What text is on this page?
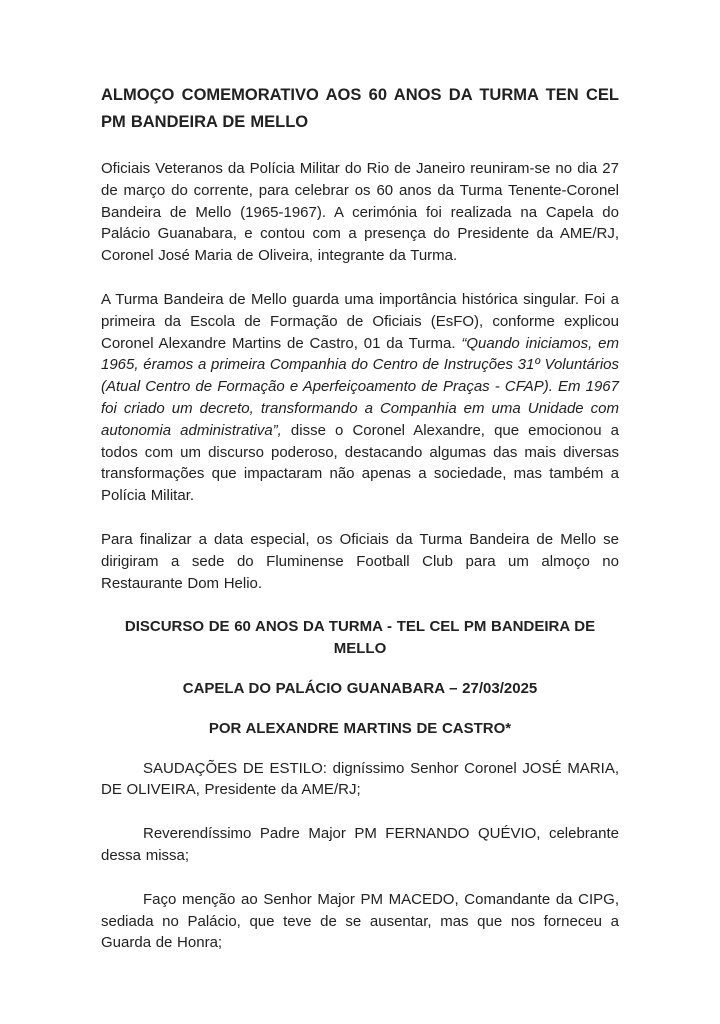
ALMOÇO COMEMORATIVO AOS 60 ANOS DA TURMA TEN CEL PM BANDEIRA DE MELLO

Oficiais Veteranos da Polícia Militar do Rio de Janeiro reuniram-se no dia 27 de março do corrente, para celebrar os 60 anos da Turma Tenente-Coronel Bandeira de Mello (1965-1967). A cerimónia foi realizada na Capela do Palácio Guanabara, e contou com a presença do Presidente da AME/RJ, Coronel José Maria de Oliveira, integrante da Turma.

A Turma Bandeira de Mello guarda uma importância histórica singular. Foi a primeira da Escola de Formação de Oficiais (EsFO), conforme explicou Coronel Alexandre Martins de Castro, 01 da Turma. “Quando iniciamos, em 1965, éramos a primeira Companhia do Centro de Instruções 31º Voluntários (Atual Centro de Formação e Aperfeiçoamento de Praças - CFAP). Em 1967 foi criado um decreto, transformando a Companhia em uma Unidade com autonomia administrativa”, disse o Coronel Alexandre, que emocionou a todos com um discurso poderoso, destacando algumas das mais diversas transformações que impactaram não apenas a sociedade, mas também a Polícia Militar.

Para finalizar a data especial, os Oficiais da Turma Bandeira de Mello se dirigiram a sede do Fluminense Football Club para um almoço no Restaurante Dom Helio.

DISCURSO DE 60 ANOS DA TURMA - TEL CEL PM BANDEIRA DE MELLO

CAPELA DO PALÁCIO GUANABARA – 27/03/2025

POR ALEXANDRE MARTINS DE CASTRO*

SAUDAÇÕES DE ESTILO: digníssimo Senhor Coronel JOSÉ MARIA, DE OLIVEIRA, Presidente da AME/RJ;

Reverendíssimo Padre Major PM FERNANDO QUÉVIO, celebrante dessa missa;

Faço menção ao Senhor Major PM MACEDO, Comandante da CIPG, sediada no Palácio, que teve de se ausentar, mas que nos forneceu a Guarda de Honra;
